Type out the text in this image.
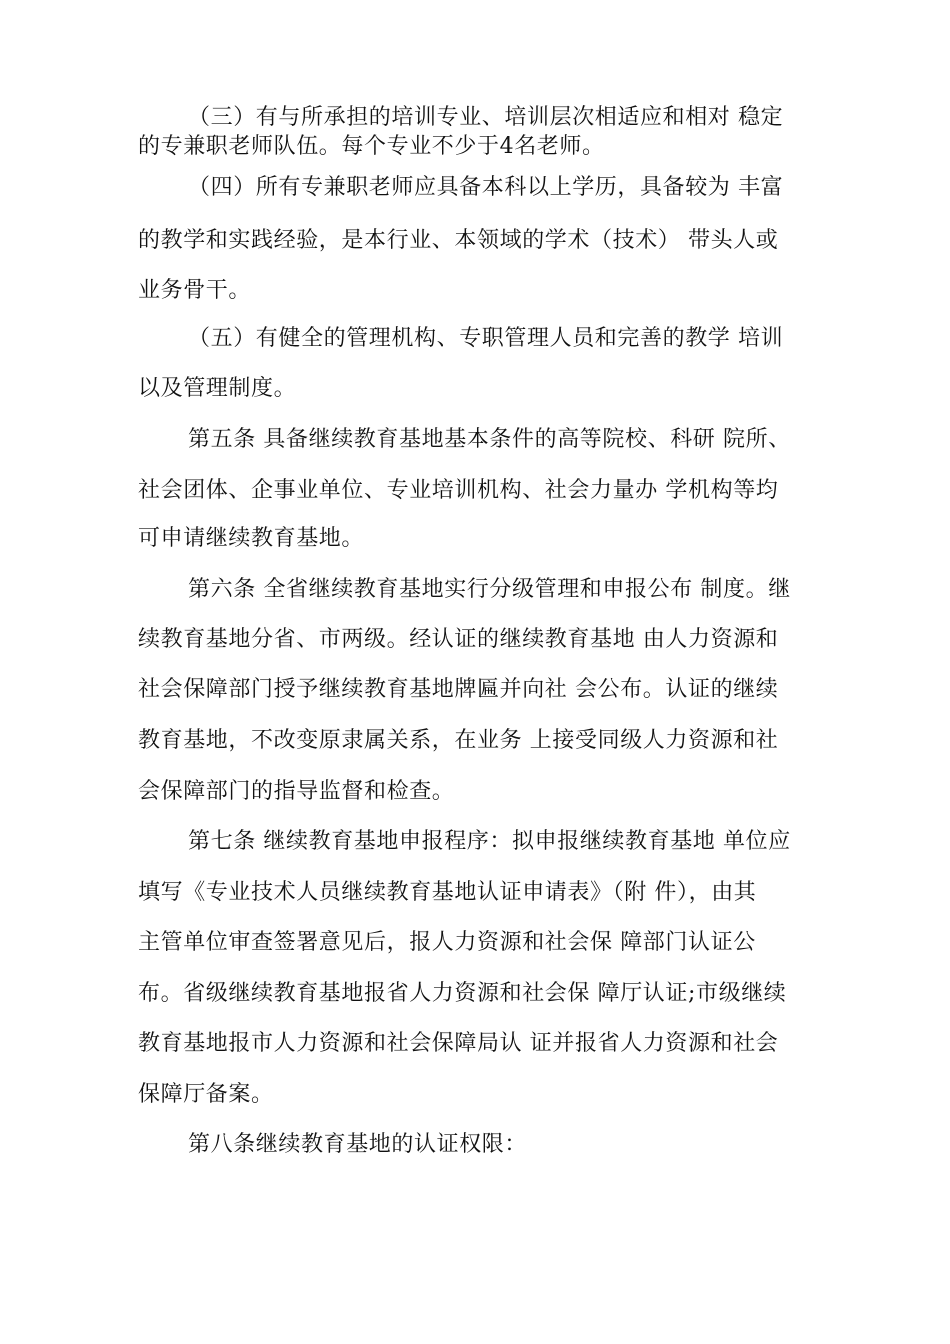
（三）有与所承担的培训专业、培训层次相适应和相对 稳定
的专兼职老师队伍。每个专业不少于4名老师。
（四）所有专兼职老师应具备本科以上学历，具备较为 丰富
的教学和实践经验，是本行业、本领域的学术（技术） 带头人或
业务骨干。
（五）有健全的管理机构、专职管理人员和完善的教学 培训
以及管理制度。
第五条 具备继续教育基地基本条件的高等院校、科研 院所、
社会团体、企事业单位、专业培训机构、社会力量办 学机构等均
可申请继续教育基地。
第六条 全省继续教育基地实行分级管理和申报公布 制度。继
续教育基地分省、市两级。经认证的继续教育基地 由人力资源和
社会保障部门授予继续教育基地牌匾并向社 会公布。认证的继续
教育基地，不改变原隶属关系，在业务 上接受同级人力资源和社
会保障部门的指导监督和检查。
第七条 继续教育基地申报程序：拟申报继续教育基地 单位应
填写《专业技术人员继续教育基地认证申请表》（附 件），由其
主管单位审查签署意见后，报人力资源和社会保 障部门认证公
布。省级继续教育基地报省人力资源和社会保 障厅认证;市级继续
教育基地报市人力资源和社会保障局认 证并报省人力资源和社会
保障厅备案。
第八条继续教育基地的认证权限：
